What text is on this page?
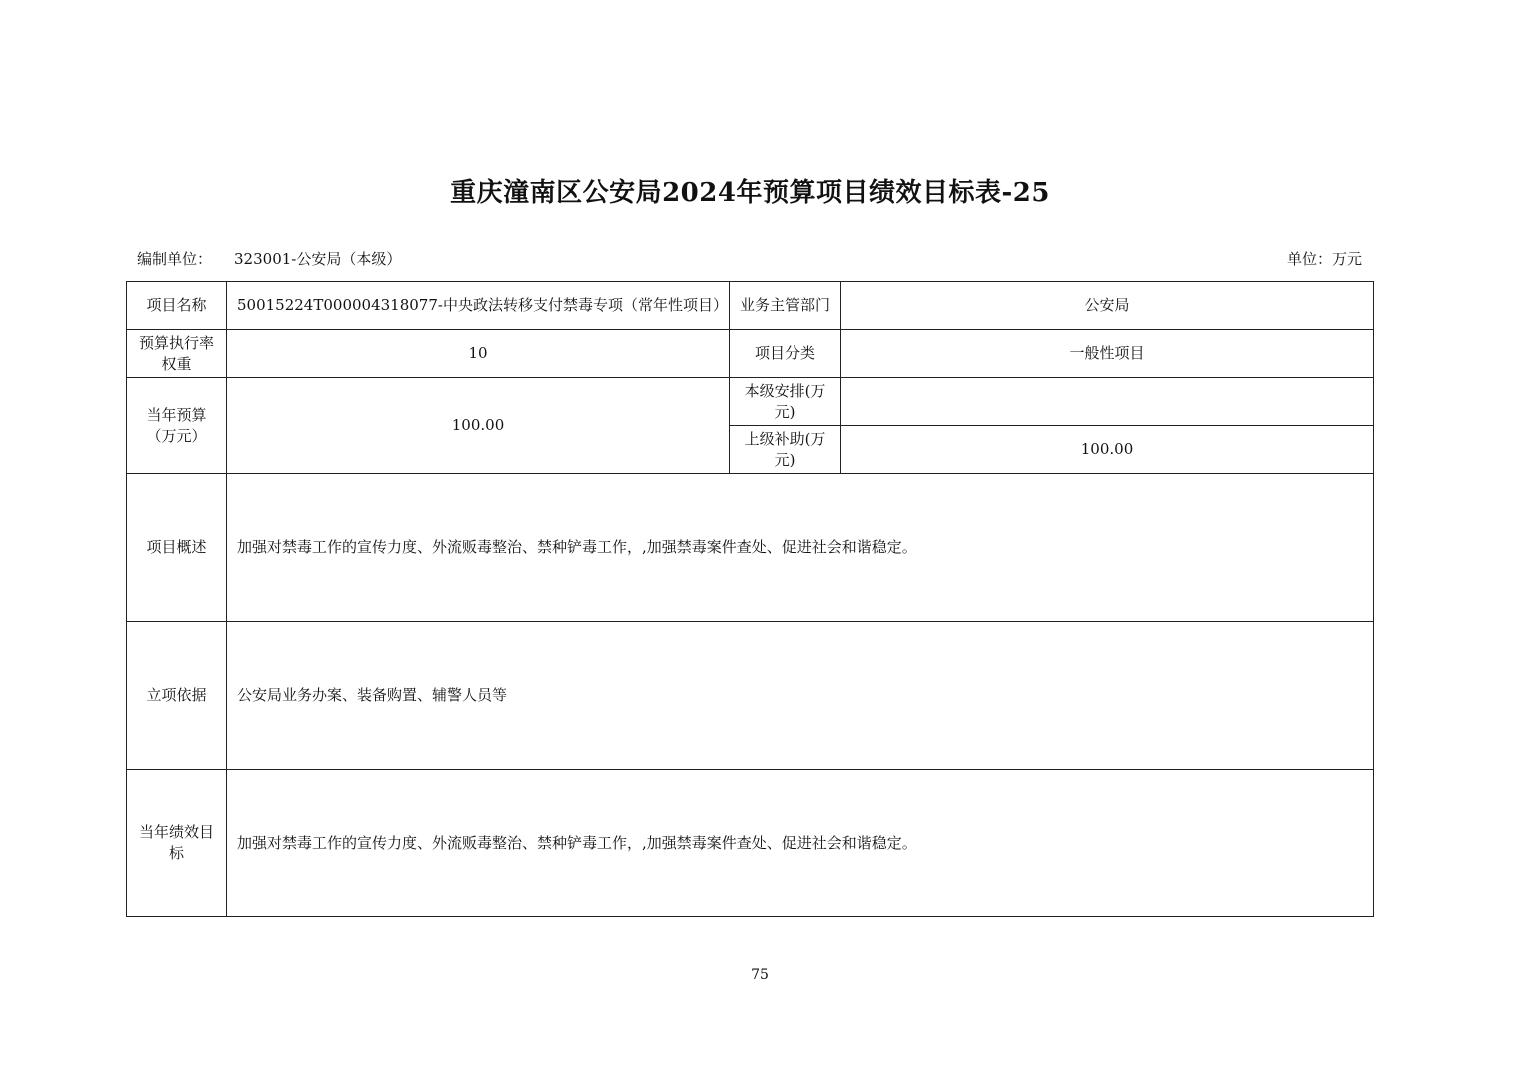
重庆潼南区公安局2024年预算项目绩效目标表-25
编制单位： 323001-公安局（本级）	单位：万元
项目名称	50015224T000004318077-中央政法转移支付禁毒专项（常年性项目）	业务主管部门	公安局
预算执行率权重	10	项目分类	一般性项目
当年预算（万元）	100.00	本级安排(万元)	
		上级补助(万元)	100.00
项目概述	加强对禁毒工作的宣传力度、外流贩毒整治、禁种铲毒工作，,加强禁毒案件查处、促进社会和谐稳定。		
立项依据	公安局业务办案、装备购置、辅警人员等		
当年绩效目标	加强对禁毒工作的宣传力度、外流贩毒整治、禁种铲毒工作，,加强禁毒案件查处、促进社会和谐稳定。		
75
